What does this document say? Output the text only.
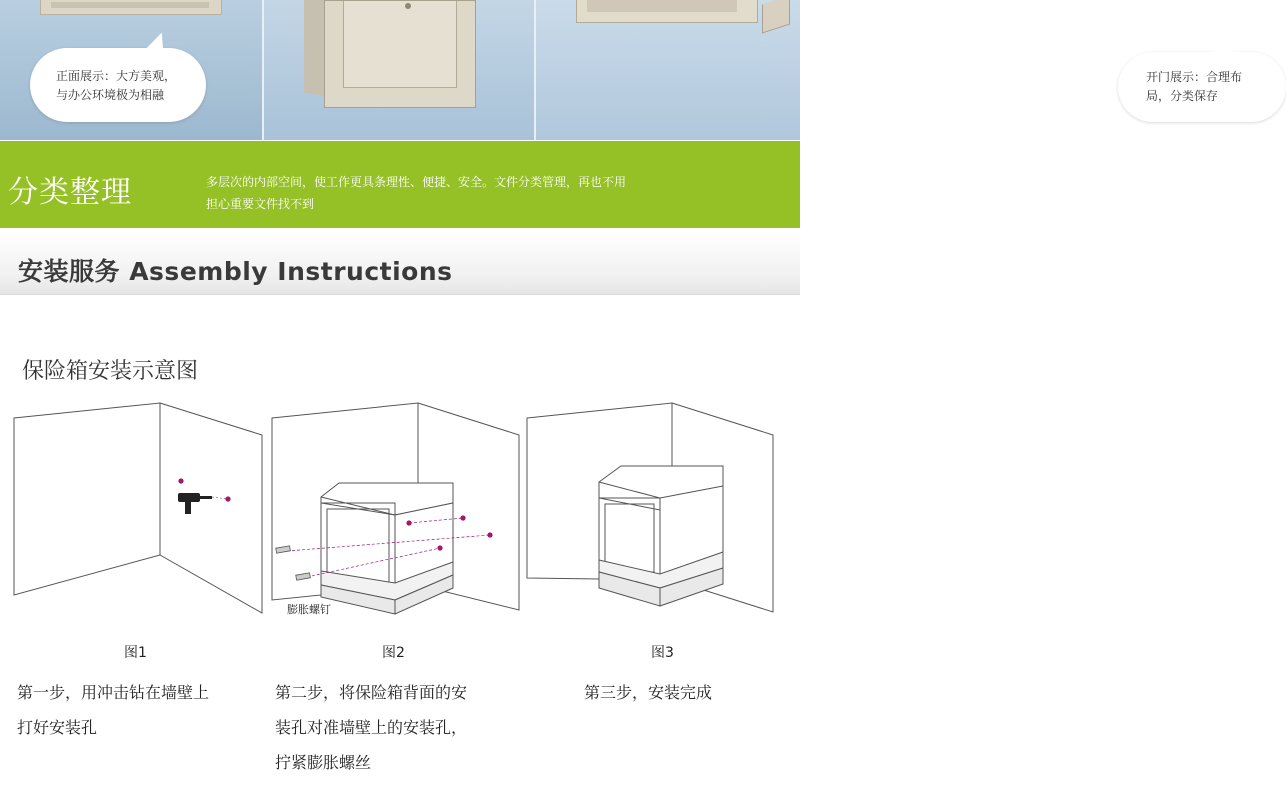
正面展示：大方美观，
与办公环境极为相融
开门展示：合理布
局，分类保存
分类整理	多层次的内部空间，使工作更具条理性、便捷、安全。文件分类管理，再也不用
担心重要文件找不到
安装服务 Assembly Instructions
保险箱安装示意图
膨胀螺钉
图1	图2	图3
第一步，用冲击钻在墙壁上
打好安装孔
第二步，将保险箱背面的安
装孔对准墙壁上的安装孔，
拧紧膨胀螺丝
第三步，安装完成
